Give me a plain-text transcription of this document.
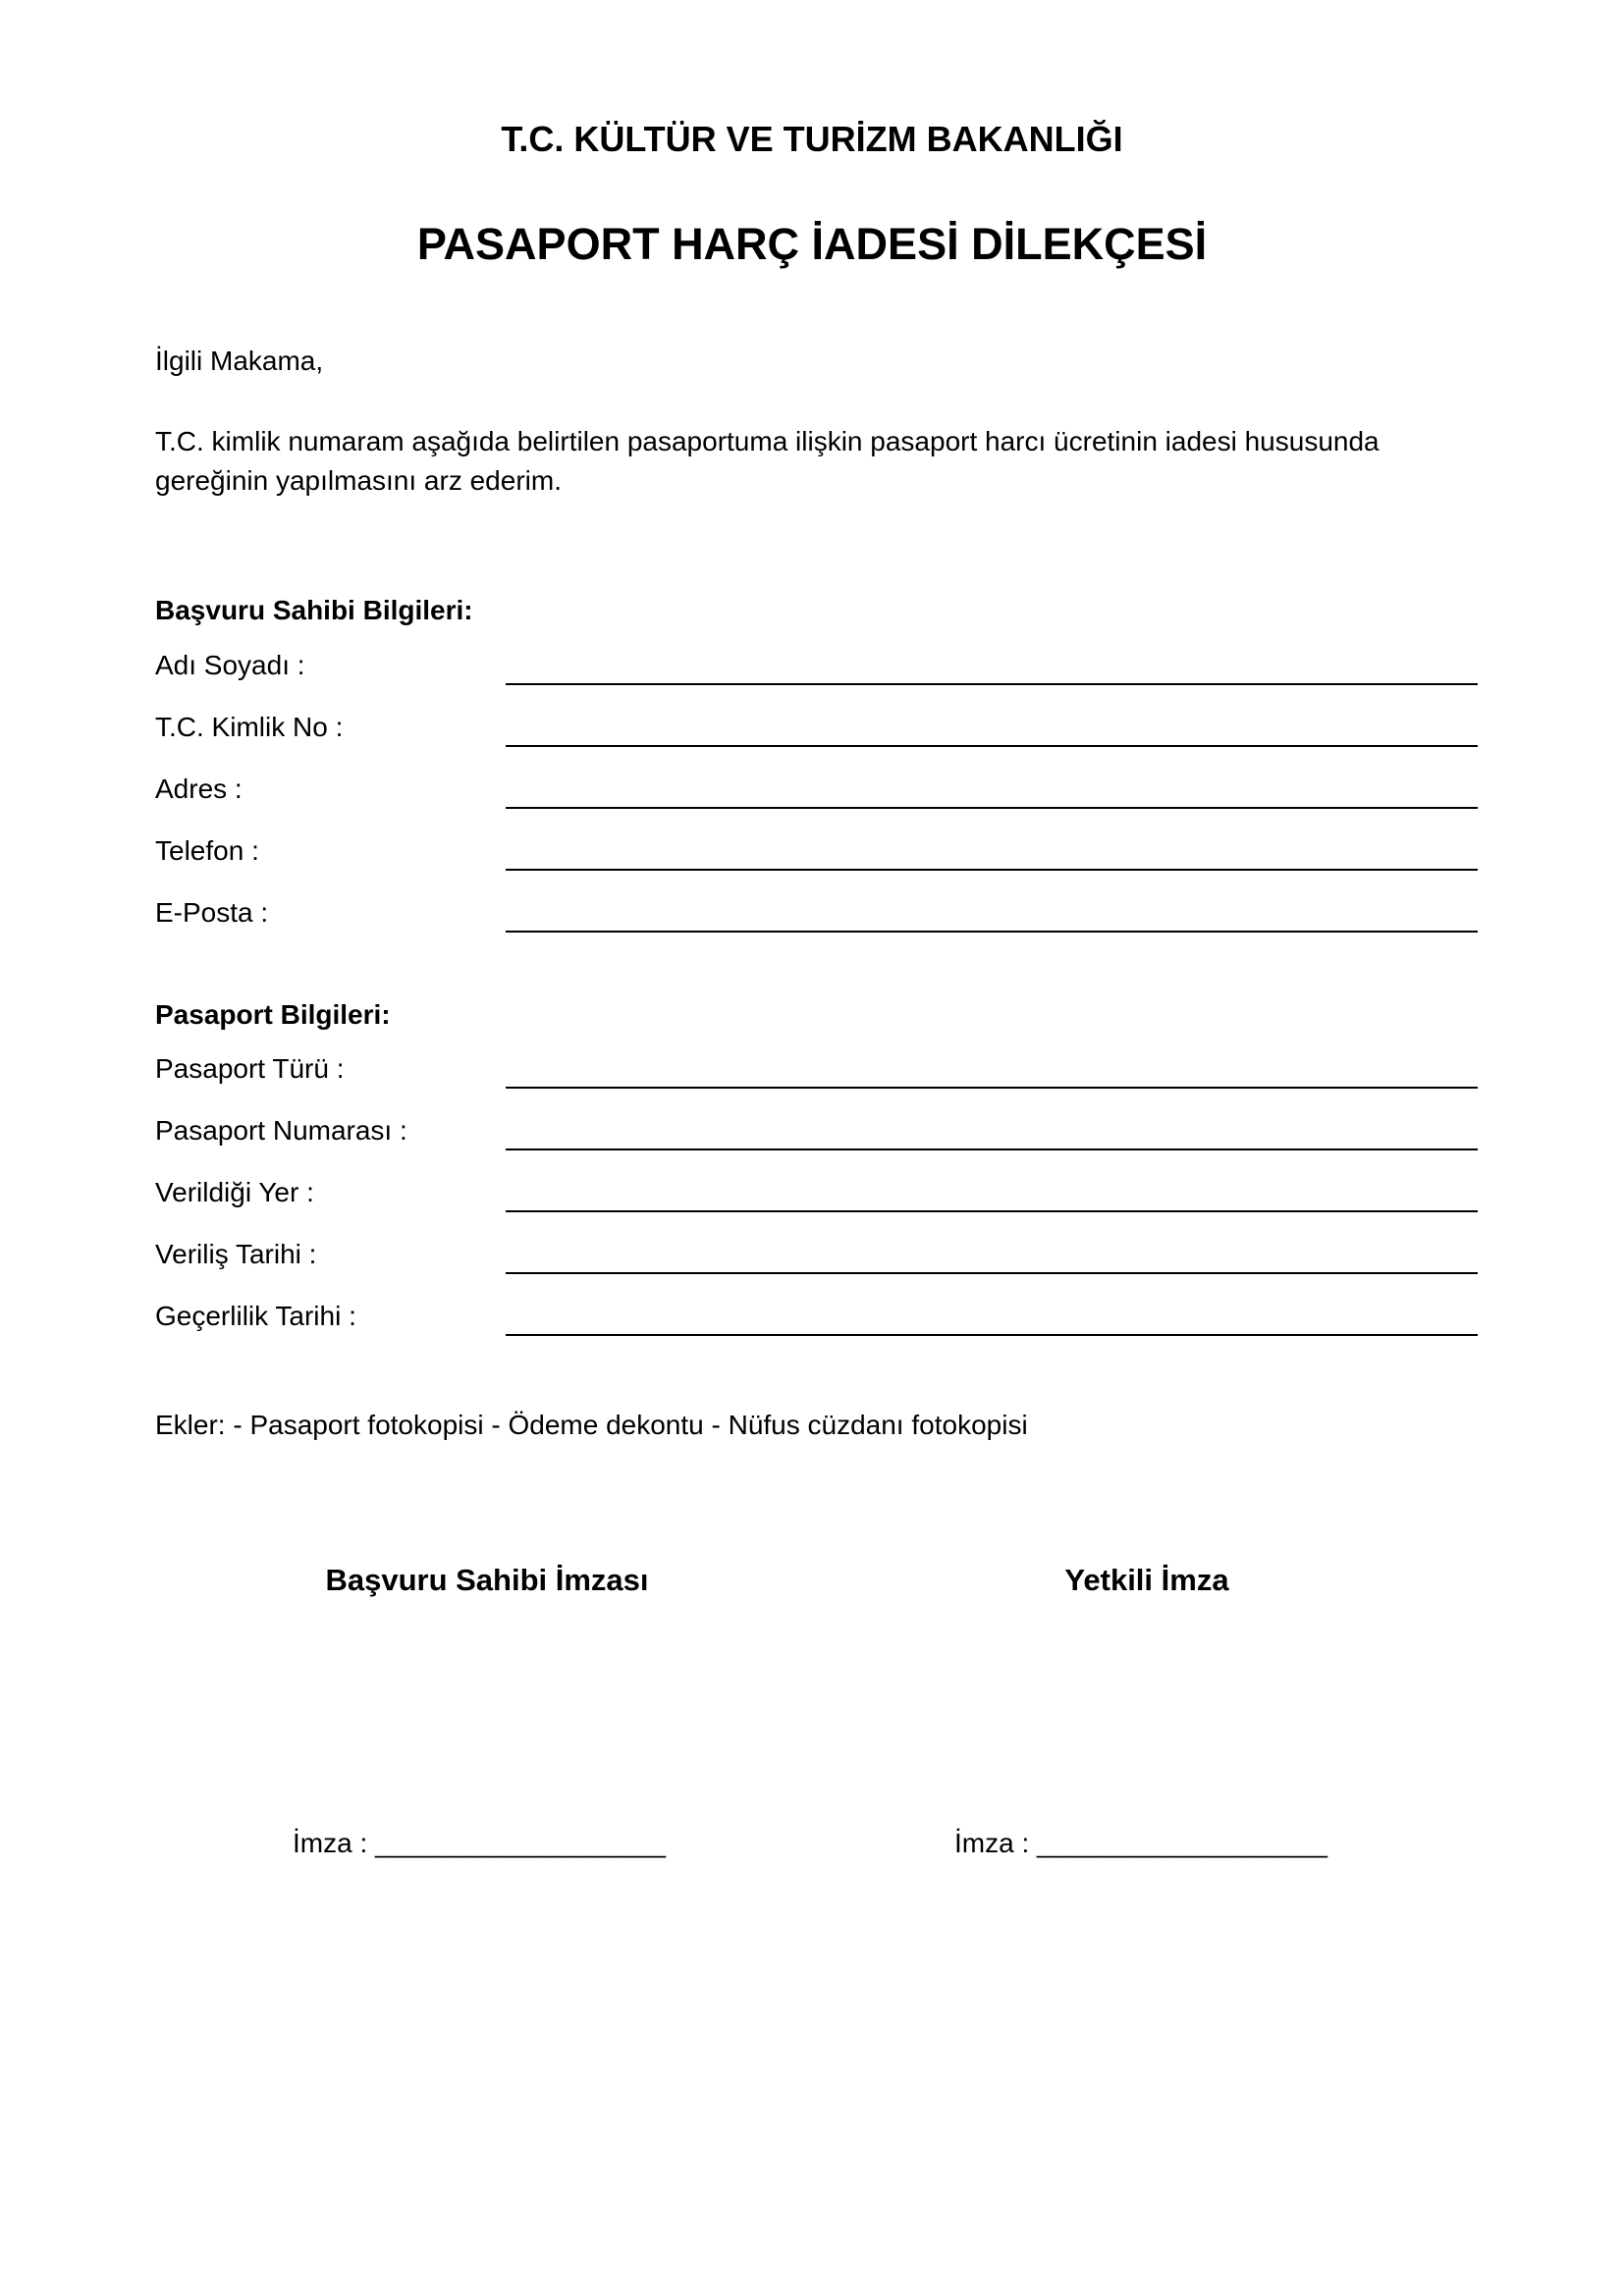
T.C. KÜLTÜR VE TURİZM BAKANLIĞI
PASAPORT HARÇ İADESİ DİLEKÇESİ
İlgili Makama,
T.C. kimlik numaram aşağıda belirtilen pasaportuma ilişkin pasaport harcı ücretinin iadesi hususunda gereğinin yapılmasını arz ederim.
Başvuru Sahibi Bilgileri:
Adı Soyadı :
T.C. Kimlik No :
Adres :
Telefon :
E-Posta :
Pasaport Bilgileri:
Pasaport Türü :
Pasaport Numarası :
Verildiği Yer :
Veriliş Tarihi :
Geçerlilik Tarihi :
Ekler: - Pasaport fotokopisi - Ödeme dekontu - Nüfus cüzdanı fotokopisi
Başvuru Sahibi İmzası	Yetkili İmza
İmza : ___________________	İmza : ___________________
